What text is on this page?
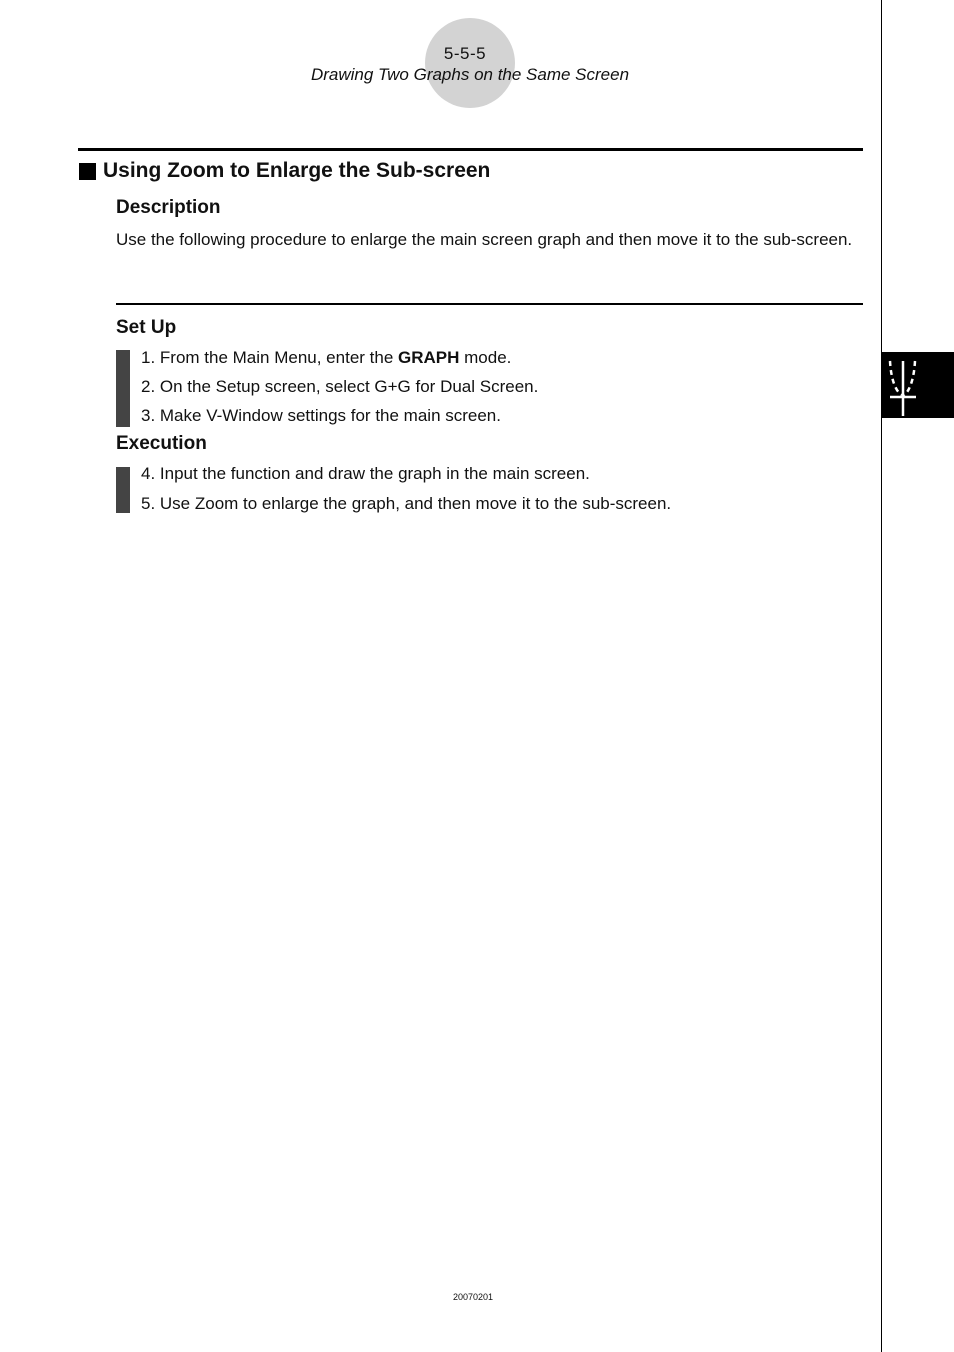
5-5-5
Drawing Two Graphs on the Same Screen
Using Zoom to Enlarge the Sub-screen
Description
Use the following procedure to enlarge the main screen graph and then move it to the sub-screen.
Set Up
1. From the Main Menu, enter the GRAPH mode.
2. On the Setup screen, select G+G for Dual Screen.
3. Make V-Window settings for the main screen.
Execution
4. Input the function and draw the graph in the main screen.
5. Use Zoom to enlarge the graph, and then move it to the sub-screen.
20070201
